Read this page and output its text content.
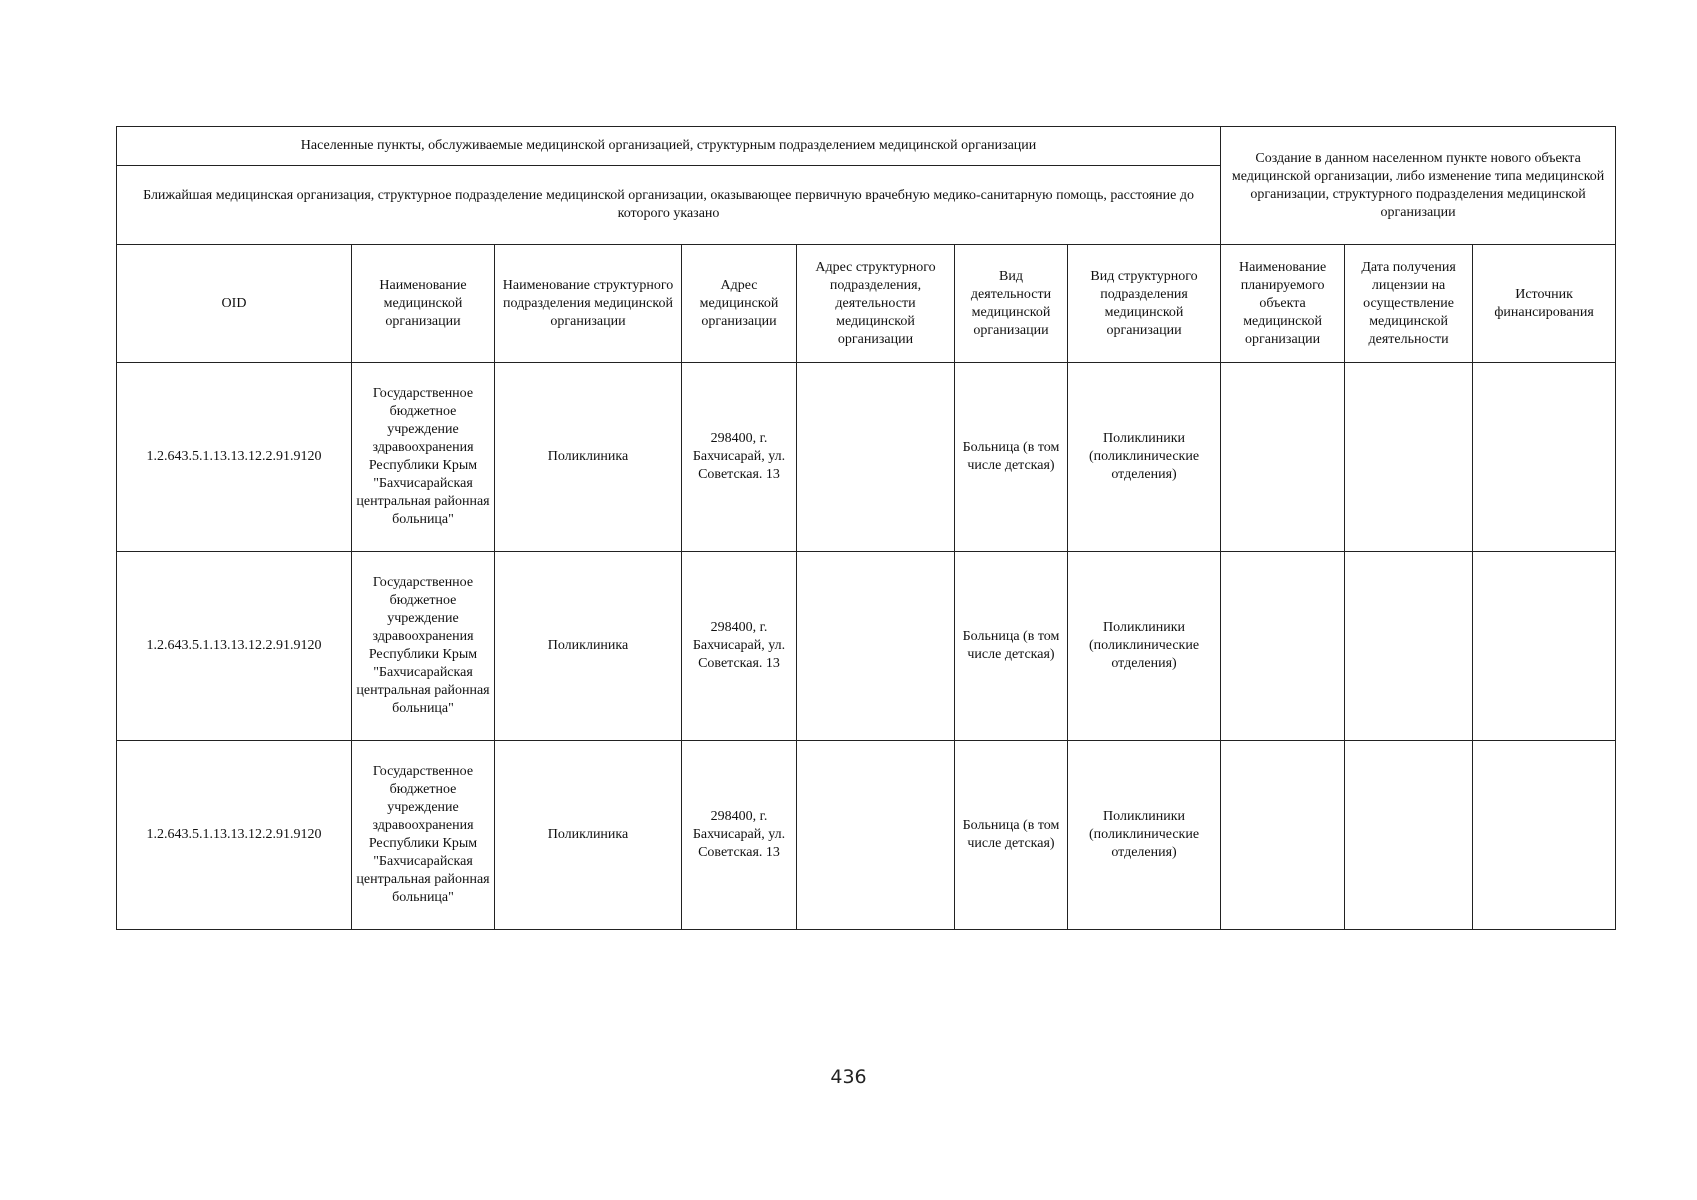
Населенные пункты, обслуживаемые медицинской организацией, структурным подразделением медицинской организации							Создание в данном населенном пункте нового объекта медицинской организации, либо изменение типа медицинской организации, структурного подразделения медицинской организации		
Ближайшая медицинская организация, структурное подразделение медицинской организации, оказывающее первичную врачебную медико-санитарную помощь, расстояние до которого указано									
OID	Наименование медицинской организации	Наименование структурного подразделения медицинской организации	Адрес медицинской организации	Адрес структурного подразделения, деятельности медицинской организации	Вид деятельности медицинской организации	Вид структурного подразделения медицинской организации	Наименование планируемого объекта медицинской организации	Дата получения лицензии на осуществление медицинской деятельности	Источник финансирования
1.2.643.5.1.13.13.12.2.91.9120	Государственное бюджетное учреждение здравоохранения Республики Крым "Бахчисарайская центральная районная больница"	Поликлиника	298400, г. Бахчисарай, ул. Советская. 13		Больница (в том числе детская)	Поликлиники (поликлинические отделения)			
1.2.643.5.1.13.13.12.2.91.9120	Государственное бюджетное учреждение здравоохранения Республики Крым "Бахчисарайская центральная районная больница"	Поликлиника	298400, г. Бахчисарай, ул. Советская. 13		Больница (в том числе детская)	Поликлиники (поликлинические отделения)			
1.2.643.5.1.13.13.12.2.91.9120	Государственное бюджетное учреждение здравоохранения Республики Крым "Бахчисарайская центральная районная больница"	Поликлиника	298400, г. Бахчисарай, ул. Советская. 13		Больница (в том числе детская)	Поликлиники (поликлинические отделения)			
436
